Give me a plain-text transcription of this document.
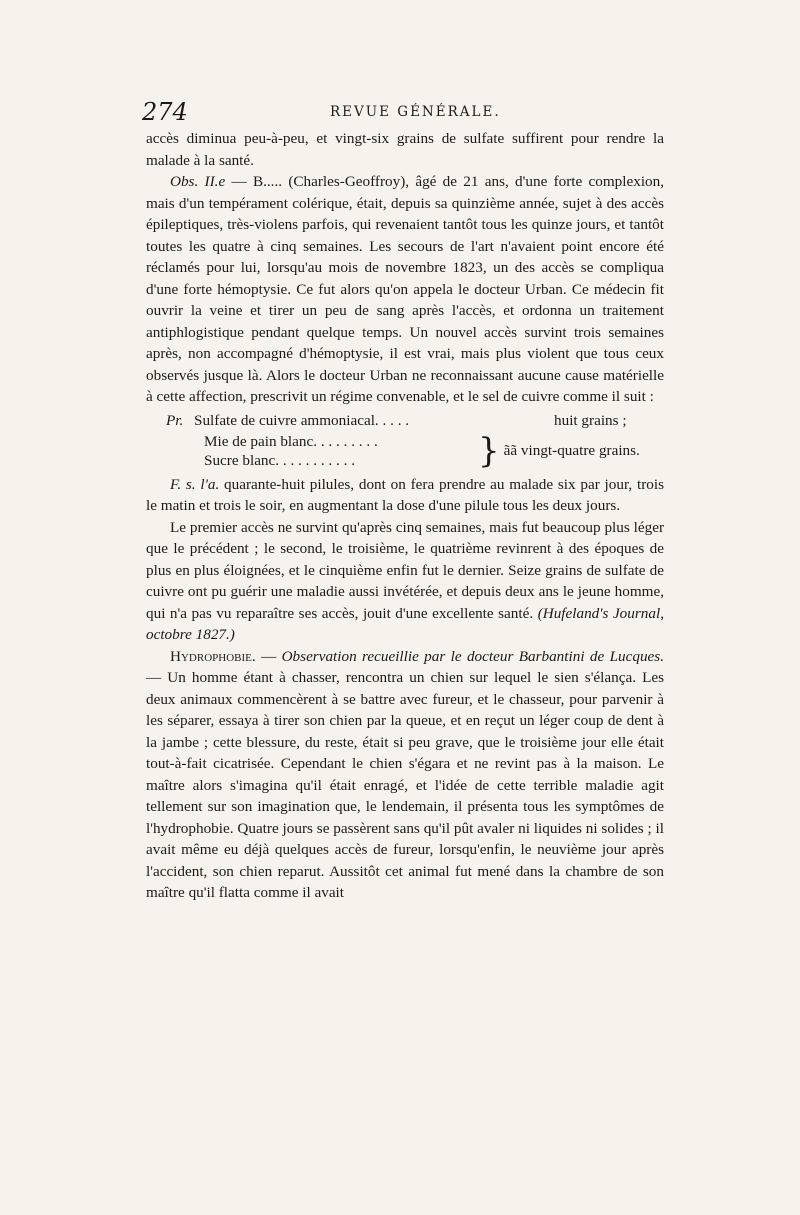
274	REVUE GÉNÉRALE.

accès diminua peu-à-peu, et vingt-six grains de sulfate suffirent pour rendre la malade à la santé.

Obs. II.e — B..... (Charles-Geoffroy), âgé de 21 ans, d'une forte complexion, mais d'un tempérament colérique, était, depuis sa quinzième année, sujet à des accès épileptiques, très-violens parfois, qui revenaient tantôt tous les quinze jours, et tantôt toutes les quatre à cinq semaines. Les secours de l'art n'avaient point encore été réclamés pour lui, lorsqu'au mois de novembre 1823, un des accès se compliqua d'une forte hémoptysie. Ce fut alors qu'on appela le docteur Urban. Ce médecin fit ouvrir la veine et tirer un peu de sang après l'accès, et ordonna un traitement antiphlogistique pendant quelque temps. Un nouvel accès survint trois semaines après, non accompagné d'hémoptysie, il est vrai, mais plus violent que tous ceux observés jusque là. Alors le docteur Urban ne reconnaissant aucune cause matérielle à cette affection, prescrivit un régime convenable, et le sel de cuivre comme il suit :

Pr. Sulfate de cuivre ammoniacal. . . . .	huit grains ;
Mie de pain blanc. . . . . . . . .
Sucre blanc. . . . . . . . . . .	} ãã vingt-quatre grains.

F. s. l'a. quarante-huit pilules, dont on fera prendre au malade six par jour, trois le matin et trois le soir, en augmentant la dose d'une pilule tous les deux jours.

Le premier accès ne survint qu'après cinq semaines, mais fut beaucoup plus léger que le précédent ; le second, le troisième, le quatrième revinrent à des époques de plus en plus éloignées, et le cinquième enfin fut le dernier. Seize grains de sulfate de cuivre ont pu guérir une maladie aussi invétérée, et depuis deux ans le jeune homme, qui n'a pas vu reparaître ses accès, jouit d'une excellente santé. (Hufeland's Journal, octobre 1827.)

Hydrophobie. — Observation recueillie par le docteur Barbantini de Lucques. — Un homme étant à chasser, rencontra un chien sur lequel le sien s'élança. Les deux animaux commencèrent à se battre avec fureur, et le chasseur, pour parvenir à les séparer, essaya à tirer son chien par la queue, et en reçut un léger coup de dent à la jambe ; cette blessure, du reste, était si peu grave, que le troisième jour elle était tout-à-fait cicatrisée. Cependant le chien s'égara et ne revint pas à la maison. Le maître alors s'imagina qu'il était enragé, et l'idée de cette terrible maladie agit tellement sur son imagination que, le lendemain, il présenta tous les symptômes de l'hydrophobie. Quatre jours se passèrent sans qu'il pût avaler ni liquides ni solides ; il avait même eu déjà quelques accès de fureur, lorsqu'enfin, le neuvième jour après l'accident, son chien reparut. Aussitôt cet animal fut mené dans la chambre de son maître qu'il flatta comme il avait
